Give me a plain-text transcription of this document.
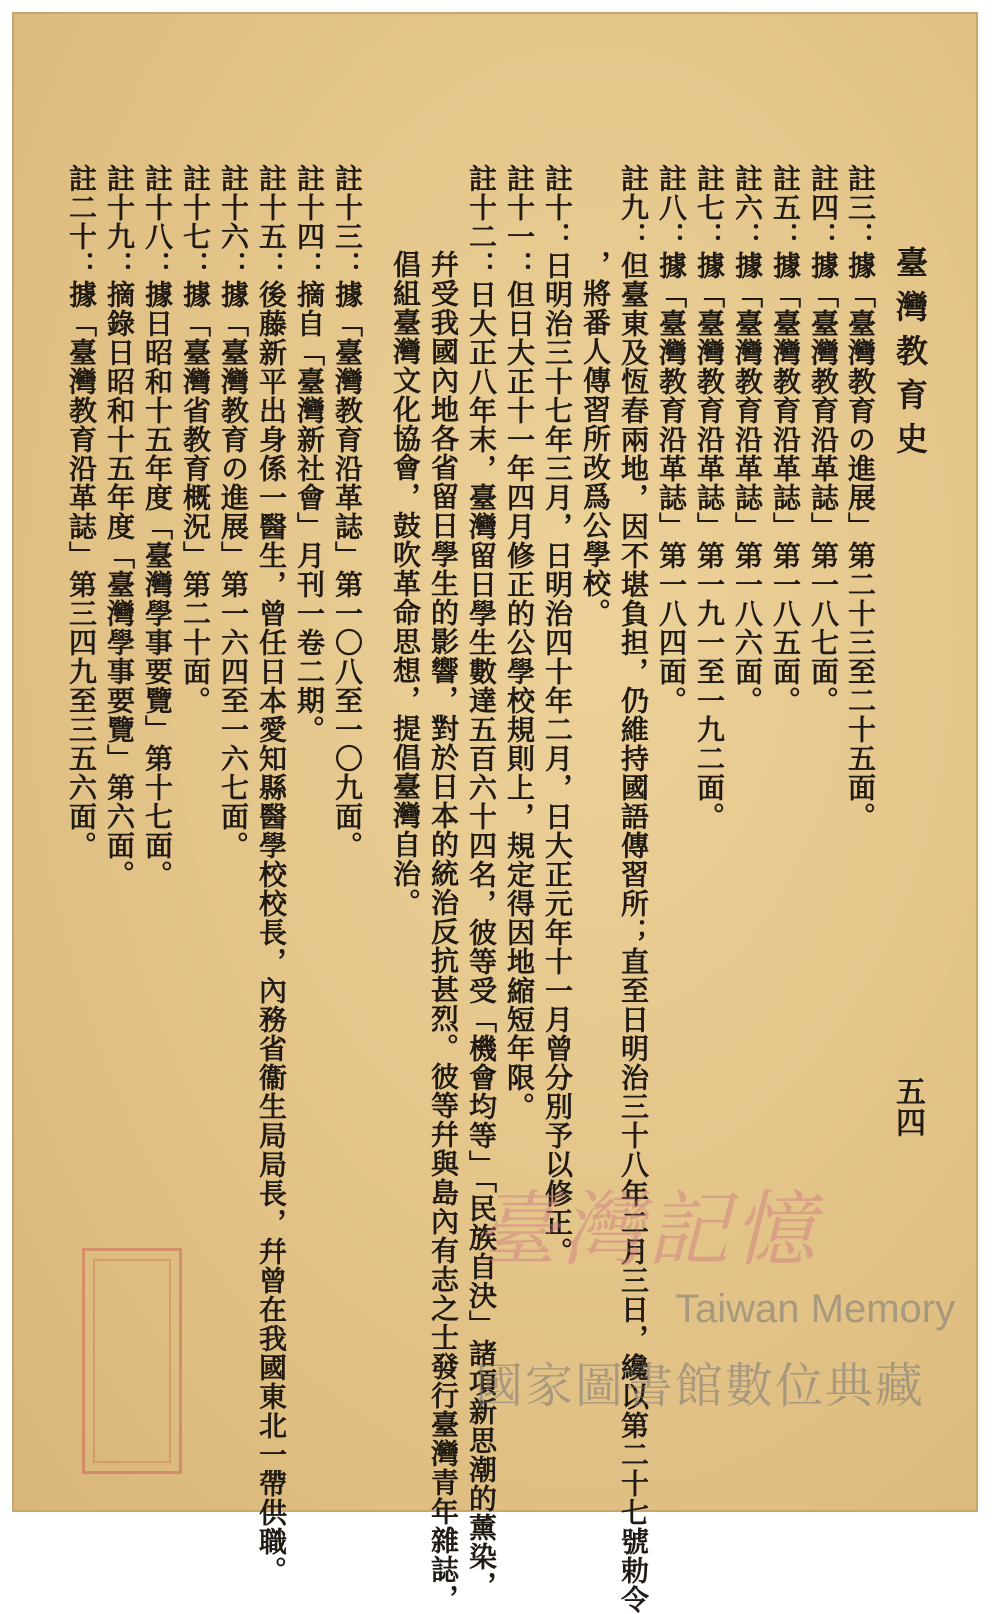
臺灣教育史
五四
註三：據「臺灣教育の進展」第二十三至二十五面。
註四：據「臺灣教育沿革誌」第一八七面。
註五：據「臺灣教育沿革誌」第一八五面。
註六：據「臺灣教育沿革誌」第一八六面。
註七：據「臺灣教育沿革誌」第一九一至一九二面。
註八：據「臺灣教育沿革誌」第一八四面。
註九：但臺東及恆春兩地，因不堪負担，仍維持國語傳習所；直至日明治三十八年二月三日，纔以第二十七號勅令
，將番人傳習所改爲公學校。
註十：日明治三十七年三月，日明治四十年二月，日大正元年十一月曾分別予以修正。
註十一：但日大正十一年四月修正的公學校規則上，規定得因地縮短年限。
註十二：日大正八年末，臺灣留日學生數達五百六十四名，彼等受「機會均等」「民族自決」諸項新思潮的薰染，
幷受我國內地各省留日學生的影響，對於日本的統治反抗甚烈。彼等幷與島內有志之士發行臺灣青年雜誌，
倡組臺灣文化協會，鼓吹革命思想，提倡臺灣自治。
註十三：據「臺灣教育沿革誌」第一〇八至一〇九面。
註十四：摘自「臺灣新社會」月刊一卷二期。
註十五：後藤新平出身係一醫生，曾任日本愛知縣醫學校校長，內務省衞生局局長，幷曾在我國東北一帶供職。
註十六：據「臺灣教育の進展」第一六四至一六七面。
註十七：據「臺灣省教育概況」第二十面。
註十八：據日昭和十五年度「臺灣學事要覽」第十七面。
註十九：摘錄日昭和十五年度「臺灣學事要覽」第六面。
註二十：據「臺灣教育沿革誌」第三四九至三五六面。
臺灣記憶
Taiwan Memory
國家圖書館數位典藏
